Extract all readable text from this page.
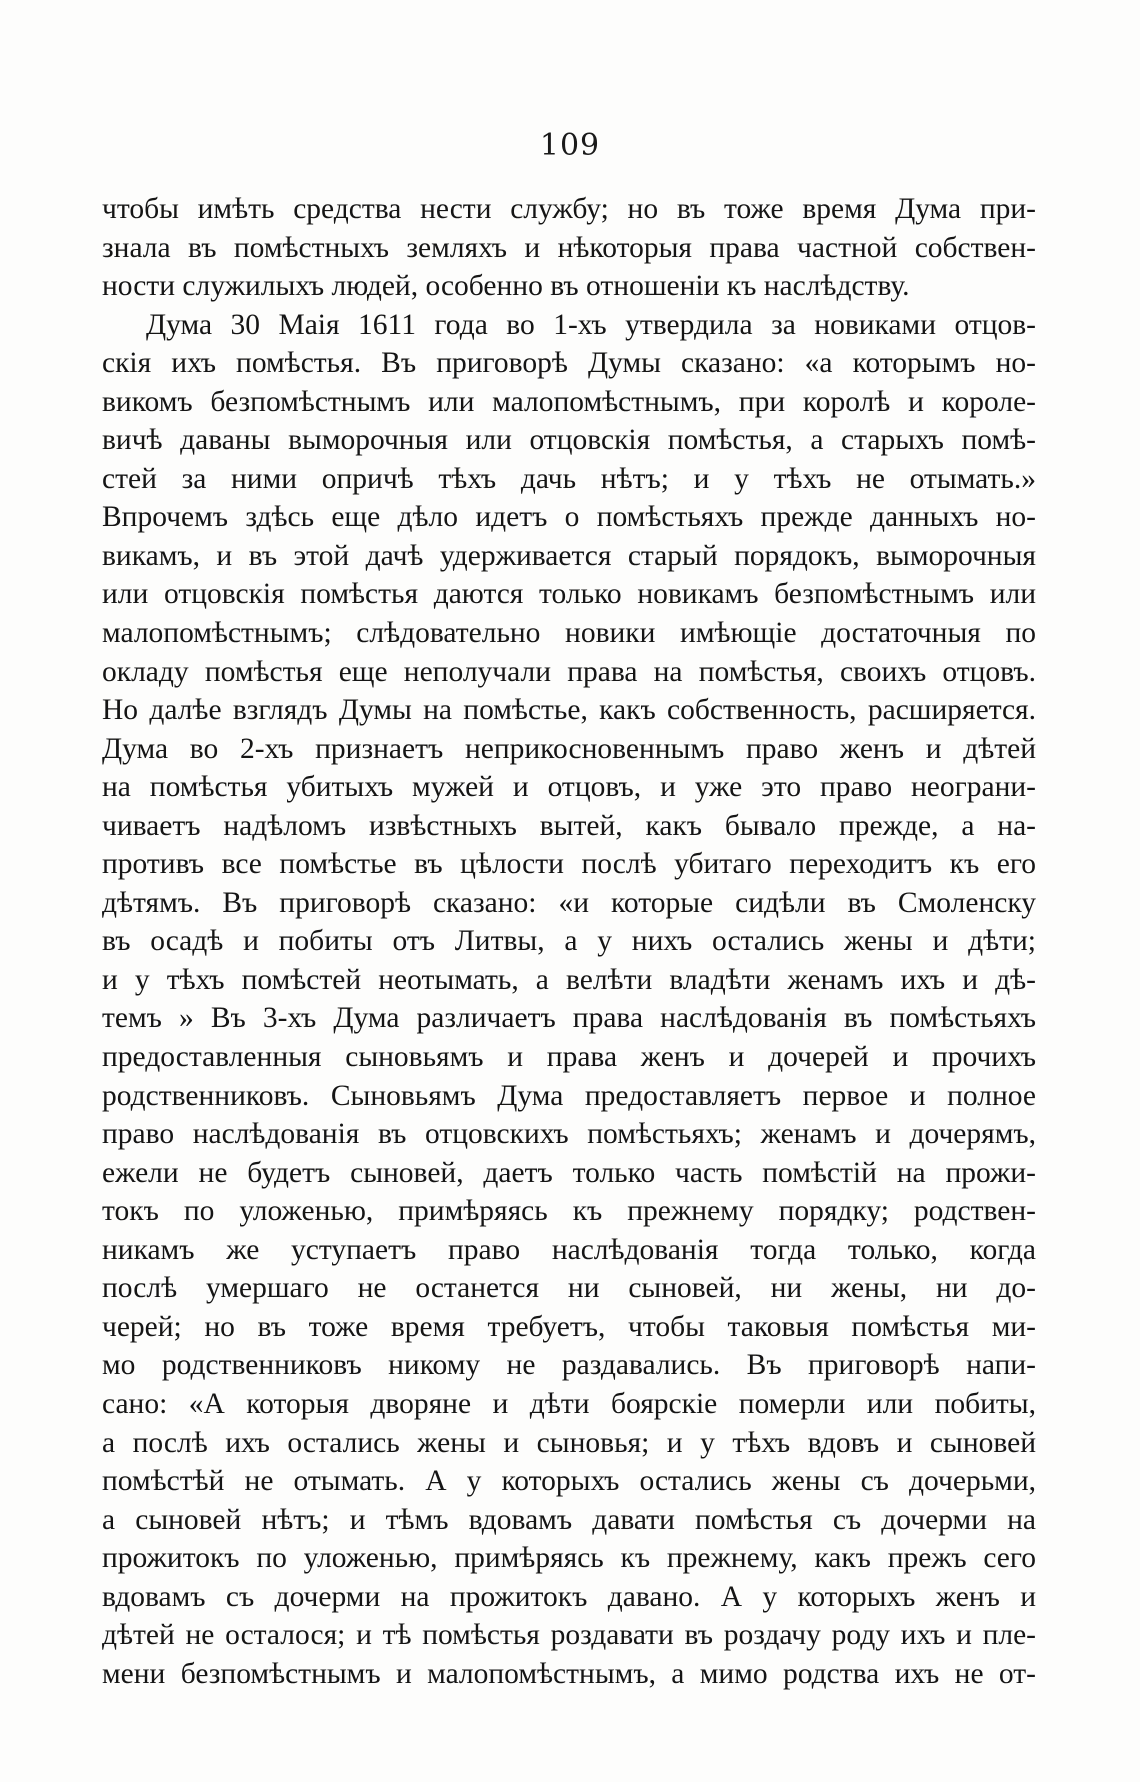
109
чтобы имѣть средства нести службу; но въ тоже время Дума при-
знала въ помѣстныхъ земляхъ и нѣкоторыя права частной собствен-
ности служилыхъ людей, особенно въ отношеніи къ наслѣдству.
Дума 30 Маія 1611 года во 1-хъ утвердила за новиками отцов-
скія ихъ помѣстья. Въ приговорѣ Думы сказано: «а которымъ но-
викомъ безпомѣстнымъ или малопомѣстнымъ, при королѣ и короле-
вичѣ даваны выморочныя или отцовскія помѣстья, а старыхъ помѣ-
стей за ними опричѣ тѣхъ дачь нѣтъ; и у тѣхъ не отымать.»
Впрочемъ здѣсь еще дѣло идетъ о помѣстьяхъ прежде данныхъ но-
викамъ, и въ этой дачѣ удерживается старый порядокъ, выморочныя
или отцовскія помѣстья даются только новикамъ безпомѣстнымъ или
малопомѣстнымъ; слѣдовательно новики имѣющіе достаточныя по
окладу помѣстья еще неполучали права на помѣстья, своихъ отцовъ.
Но далѣе взглядъ Думы на помѣстье, какъ собственность, расширяется.
Дума во 2-хъ признаетъ неприкосновеннымъ право женъ и дѣтей
на помѣстья убитыхъ мужей и отцовъ, и уже это право неограни-
чиваетъ надѣломъ извѣстныхъ вытей, какъ бывало прежде, а на-
противъ все помѣстье въ цѣлости послѣ убитаго переходитъ къ его
дѣтямъ. Въ приговорѣ сказано: «и которые сидѣли въ Смоленску
въ осадѣ и побиты отъ Литвы, а у нихъ остались жены и дѣти;
и у тѣхъ помѣстей неотымать, а велѣти владѣти женамъ ихъ и дѣ-
темъ » Въ 3-хъ Дума различаетъ права наслѣдованія въ помѣстьяхъ
предоставленныя сыновьямъ и права женъ и дочерей и прочихъ
родственниковъ. Сыновьямъ Дума предоставляетъ первое и полное
право наслѣдованія въ отцовскихъ помѣстьяхъ; женамъ и дочерямъ,
ежели не будетъ сыновей, даетъ только часть помѣстій на прожи-
токъ по уложенью, примѣряясь къ прежнему порядку; родствен-
никамъ же уступаетъ право наслѣдованія тогда только, когда
послѣ умершаго не останется ни сыновей, ни жены, ни до-
черей; но въ тоже время требуетъ, чтобы таковыя помѣстья ми-
мо родственниковъ никому не раздавались. Въ приговорѣ напи-
сано: «А которыя дворяне и дѣти боярскіе померли или побиты,
а послѣ ихъ остались жены и сыновья; и у тѣхъ вдовъ и сыновей
помѣстѣй не отымать. А у которыхъ остались жены съ дочерьми,
а сыновей нѣтъ; и тѣмъ вдовамъ давати помѣстья съ дочерми на
прожитокъ по уложенью, примѣряясь къ прежнему, какъ прежъ сего
вдовамъ съ дочерми на прожитокъ давано. А у которыхъ женъ и
дѣтей не осталося; и тѣ помѣстья роздавати въ роздачу роду ихъ и пле-
мени безпомѣстнымъ и малопомѣстнымъ, а мимо родства ихъ не от-
